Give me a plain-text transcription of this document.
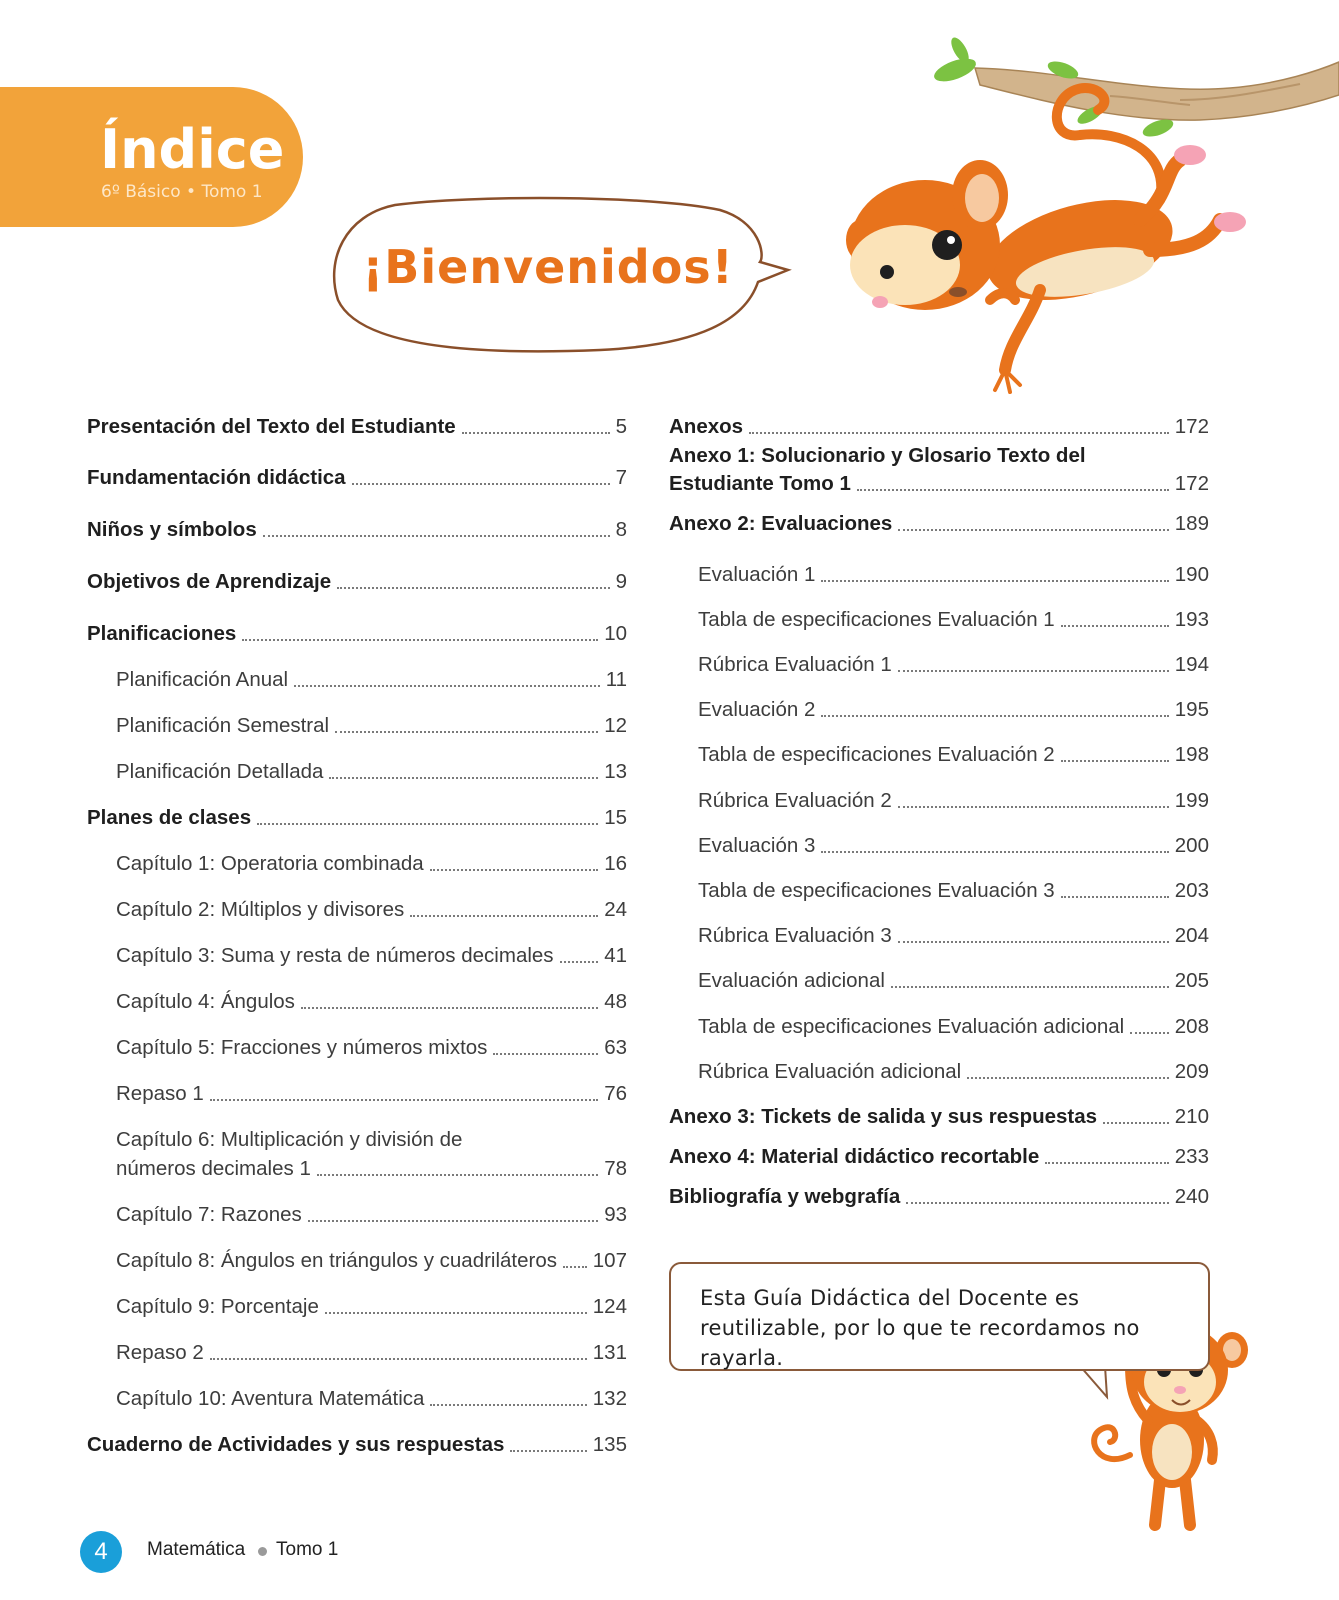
Índice
6º Básico • Tomo 1
¡Bienvenidos!
Presentación del Texto del Estudiante	5
Fundamentación didáctica	7
Niños y símbolos	8
Objetivos de Aprendizaje	9
Planificaciones	10
Planificación Anual	11
Planificación Semestral	12
Planificación Detallada	13
Planes de clases	15
Capítulo 1: Operatoria combinada	16
Capítulo 2: Múltiplos y divisores	24
Capítulo 3: Suma y resta de números decimales 41
Capítulo 4: Ángulos	48
Capítulo 5: Fracciones y números mixtos	63
Repaso 1	76
Capítulo 6: Multiplicación y división de
números decimales 1	78
Capítulo 7: Razones	93
Capítulo 8: Ángulos en triángulos y cuadriláteros 107
Capítulo 9: Porcentaje	124
Repaso 2	131
Capítulo 10: Aventura Matemática	132
Cuaderno de Actividades y sus respuestas	135
Anexos	172
Anexo 1: Solucionario y Glosario Texto del
Estudiante Tomo 1	172
Anexo 2: Evaluaciones	189
Evaluación 1	190
Tabla de especificaciones Evaluación 1	193
Rúbrica Evaluación 1	194
Evaluación 2	195
Tabla de especificaciones Evaluación 2	198
Rúbrica Evaluación 2	199
Evaluación 3	200
Tabla de especificaciones Evaluación 3	203
Rúbrica Evaluación 3	204
Evaluación adicional	205
Tabla de especificaciones Evaluación adicional 208
Rúbrica Evaluación adicional	209
Anexo 3: Tickets de salida y sus respuestas	210
Anexo 4: Material didáctico recortable	233
Bibliografía y webgrafía	240
Esta Guía Didáctica del Docente es reutilizable, por lo que te recordamos no rayarla.
4	Matemática Tomo 1
